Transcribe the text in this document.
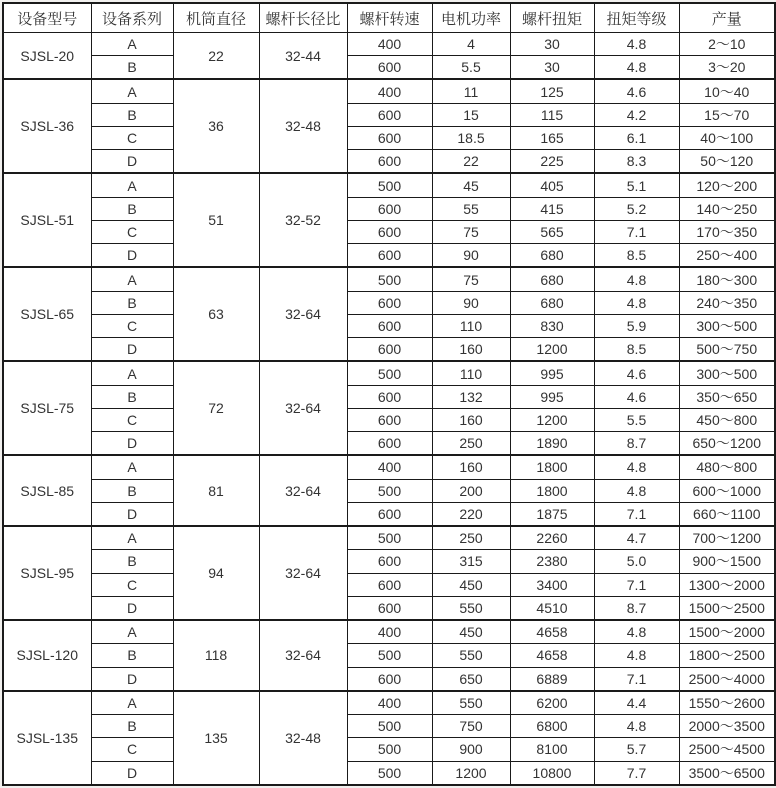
设备型号	设备系列	机筒直径	螺杆长径比	螺杆转速	电机功率	螺杆扭矩	扭矩等级	产量
SJSL-20	A	22	32-44	400	4	30	4.8	2～10
	B			600	5.5	30	4.8	3～20
SJSL-36	A	36	32-48	400	11	125	4.6	10～40
	B			600	15	115	4.2	15～70
	C			600	18.5	165	6.1	40～100
	D			600	22	225	8.3	50～120
SJSL-51	A	51	32-52	500	45	405	5.1	120～200
	B			600	55	415	5.2	140～250
	C			600	75	565	7.1	170～350
	D			600	90	680	8.5	250～400
SJSL-65	A	63	32-64	500	75	680	4.8	180～300
	B			600	90	680	4.8	240～350
	C			600	110	830	5.9	300～500
	D			600	160	1200	8.5	500～750
SJSL-75	A	72	32-64	500	110	995	4.6	300～500
	B			600	132	995	4.6	350～650
	C			600	160	1200	5.5	450～800
	D			600	250	1890	8.7	650～1200
SJSL-85	A	81	32-64	400	160	1800	4.8	480～800
	B			500	200	1800	4.8	600～1000
	D			600	220	1875	7.1	660～1100
SJSL-95	A	94	32-64	500	250	2260	4.7	700～1200
	B			600	315	2380	5.0	900～1500
	C			600	450	3400	7.1	1300～2000
	D			600	550	4510	8.7	1500～2500
SJSL-120	A	118	32-64	400	450	4658	4.8	1500～2000
	B			500	550	4658	4.8	1800～2500
	D			600	650	6889	7.1	2500～4000
SJSL-135	A	135	32-48	400	550	6200	4.4	1550～2600
	B			500	750	6800	4.8	2000～3500
	C			500	900	8100	5.7	2500～4500
	D			500	1200	10800	7.7	3500～6500
